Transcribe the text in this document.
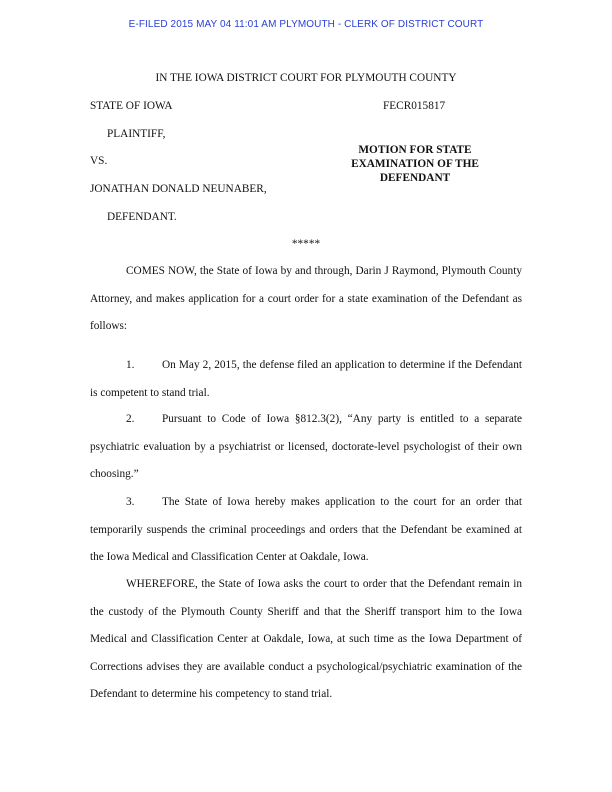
E-FILED 2015 MAY 04 11:01 AM PLYMOUTH - CLERK OF DISTRICT COURT
IN THE IOWA DISTRICT COURT FOR PLYMOUTH COUNTY
STATE OF IOWA	FECR015817
PLAINTIFF,
VS.
JONATHAN DONALD NEUNABER,
DEFENDANT.
MOTION FOR STATE
EXAMINATION OF THE
DEFENDANT
*****

COMES NOW, the State of Iowa by and through, Darin J Raymond, Plymouth County Attorney, and makes application for a court order for a state examination of the Defendant as follows:

1. On May 2, 2015, the defense filed an application to determine if the Defendant is competent to stand trial.

2. Pursuant to Code of Iowa §812.3(2), “Any party is entitled to a separate psychiatric evaluation by a psychiatrist or licensed, doctorate-level psychologist of their own choosing.”

3. The State of Iowa hereby makes application to the court for an order that temporarily suspends the criminal proceedings and orders that the Defendant be examined at the Iowa Medical and Classification Center at Oakdale, Iowa.

WHEREFORE, the State of Iowa asks the court to order that the Defendant remain in the custody of the Plymouth County Sheriff and that the Sheriff transport him to the Iowa Medical and Classification Center at Oakdale, Iowa, at such time as the Iowa Department of Corrections advises they are available conduct a psychological/psychiatric examination of the Defendant to determine his competency to stand trial.
